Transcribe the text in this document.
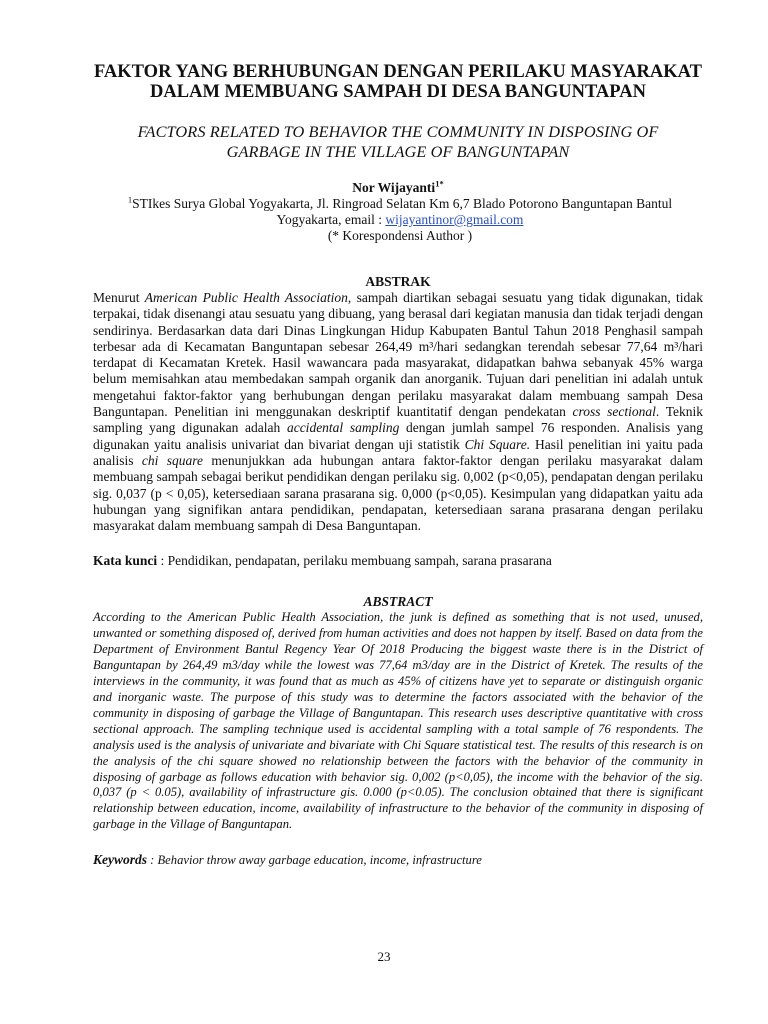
FAKTOR YANG BERHUBUNGAN DENGAN PERILAKU MASYARAKAT

DALAM MEMBUANG SAMPAH DI DESA BANGUNTAPAN

FACTORS RELATED TO BEHAVIOR THE COMMUNITY IN DISPOSING OF

GARBAGE IN THE VILLAGE OF BANGUNTAPAN

Nor Wijayanti$^{1*}$

$^1$STIkes Surya Global Yogyakarta, Jl. Ringroad Selatan Km 6,7 Blado Potorono Banguntapan Bantul

Yogyakarta, email : wijayantinor@gmail.com

(* Korespondensi Author )

ABSTRAK

Menurut American Public Health Association, sampah diartikan sebagai sesuatu yang tidak digunakan, tidak terpakai, tidak disenangi atau sesuatu yang dibuang, yang berasal dari kegiatan manusia dan tidak terjadi dengan sendirinya. Berdasarkan data dari Dinas Lingkungan Hidup Kabupaten Bantul Tahun 2018 Penghasil sampah terbesar ada di Kecamatan Banguntapan sebesar 264,49 m³/hari sedangkan terendah sebesar 77,64 m³/hari terdapat di Kecamatan Kretek. Hasil wawancara pada masyarakat, didapatkan bahwa sebanyak 45% warga belum memisahkan atau membedakan sampah organik dan anorganik. Tujuan dari penelitian ini adalah untuk mengetahui faktor-faktor yang berhubungan dengan perilaku masyarakat dalam membuang sampah Desa Banguntapan. Penelitian ini menggunakan deskriptif kuantitatif dengan pendekatan cross sectional. Teknik sampling yang digunakan adalah accidental sampling dengan jumlah sampel 76 responden. Analisis yang digunakan yaitu analisis univariat dan bivariat dengan uji statistik Chi Square. Hasil penelitian ini yaitu pada analisis chi square menunjukkan ada hubungan antara faktor-faktor dengan perilaku masyarakat dalam membuang sampah sebagai berikut pendidikan dengan perilaku sig. 0,002 (p<0,05), pendapatan dengan perilaku sig. 0,037 (p < 0,05), ketersediaan sarana prasarana sig. 0,000 (p<0,05). Kesimpulan yang didapatkan yaitu ada hubungan yang signifikan antara pendidikan, pendapatan, ketersediaan sarana prasarana dengan perilaku masyarakat dalam membuang sampah di Desa Banguntapan.

Kata kunci : Pendidikan, pendapatan, perilaku membuang sampah, sarana prasarana

ABSTRACT

According to the American Public Health Association, the junk is defined as something that is not used, unused, unwanted or something disposed of, derived from human activities and does not happen by itself. Based on data from the Department of Environment Bantul Regency Year Of 2018 Producing the biggest waste there is in the District of Banguntapan by 264,49 m3/day while the lowest was 77,64 m3/day are in the District of Kretek. The results of the interviews in the community, it was found that as much as 45% of citizens have yet to separate or distinguish organic and inorganic waste. The purpose of this study was to determine the factors associated with the behavior of the community in disposing of garbage the Village of Banguntapan. This research uses descriptive quantitative with cross sectional approach. The sampling technique used is accidental sampling with a total sample of 76 respondents. The analysis used is the analysis of univariate and bivariate with Chi Square statistical test. The results of this research is on the analysis of the chi square showed no relationship between the factors with the behavior of the community in disposing of garbage as follows education with behavior sig. 0,002 (p<0,05), the income with the behavior of the sig. 0,037 (p < 0.05), availability of infrastructure gis. 0.000 (p<0.05). The conclusion obtained that there is significant relationship between education, income, availability of infrastructure to the behavior of the community in disposing of garbage in the Village of Banguntapan.

Keywords : Behavior throw away garbage education, income, infrastructure

23
